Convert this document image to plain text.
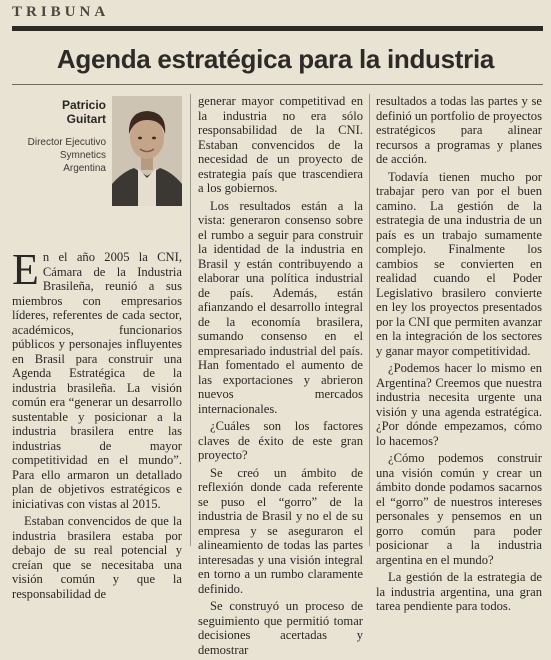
TRIBUNA
Agenda estratégica para la industria
Patricio
Guitart
Director Ejecutivo
Symnetics
Argentina

En el año 2005 la CNI, Cámara de la Industria Brasileña, reunió a sus miembros con empresarios líderes, referentes de cada sector, académicos, funcionarios públicos y personajes influyentes en Brasil para construir una Agenda Estratégica de la industria brasileña. La visión común era “generar un desarrollo sustentable y posicionar a la industria brasilera entre las industrias de mayor competitividad en el mundo”. Para ello armaron un detallado plan de objetivos estratégicos e iniciativas con vistas al 2015.

Estaban convencidos de que la industria brasilera estaba por debajo de su real potencial y creían que se necesitaba una visión común y que la responsabilidad de

generar mayor competitivad en la industria no era sólo responsabilidad de la CNI. Estaban convencidos de la necesidad de un proyecto de estrategia país que trascendiera a los gobiernos.

Los resultados están a la vista: generaron consenso sobre el rumbo a seguir para construir la identidad de la industria en Brasil y están contribuyendo a elaborar una política industrial de país. Además, están afianzando el desarrollo integral de la economía brasilera, sumando consenso en el empresariado industrial del país. Han fomentado el aumento de las exportaciones y abrieron nuevos mercados internacionales.

¿Cuáles son los factores claves de éxito de este gran proyecto?

Se creó un ámbito de reflexión donde cada referente se puso el “gorro” de la industria de Brasil y no el de su empresa y se aseguraron el alineamiento de todas las partes interesadas y una visión integral en torno a un rumbo claramente definido.

Se construyó un proceso de seguimiento que permitió tomar decisiones acertadas y demostrar

resultados a todas las partes y se definió un portfolio de proyectos estratégicos para alinear recursos a programas y planes de acción.

Todavía tienen mucho por trabajar pero van por el buen camino. La gestión de la estrategia de una industria de un país es un trabajo sumamente complejo. Finalmente los cambios se convierten en realidad cuando el Poder Legislativo brasilero convierte en ley los proyectos presentados por la CNI que permiten avanzar en la integración de los sectores y ganar mayor competitividad.

¿Podemos hacer lo mismo en Argentina? Creemos que nuestra industria necesita urgente una visión y una agenda estratégica. ¿Por dónde empezamos, cómo lo hacemos?

¿Cómo podemos construir una visión común y crear un ámbito donde podamos sacarnos el “gorro” de nuestros intereses personales y pensemos en un gorro común para poder posicionar a la industria argentina en el mundo?

La gestión de la estrategia de la industria argentina, una gran tarea pendiente para todos.
